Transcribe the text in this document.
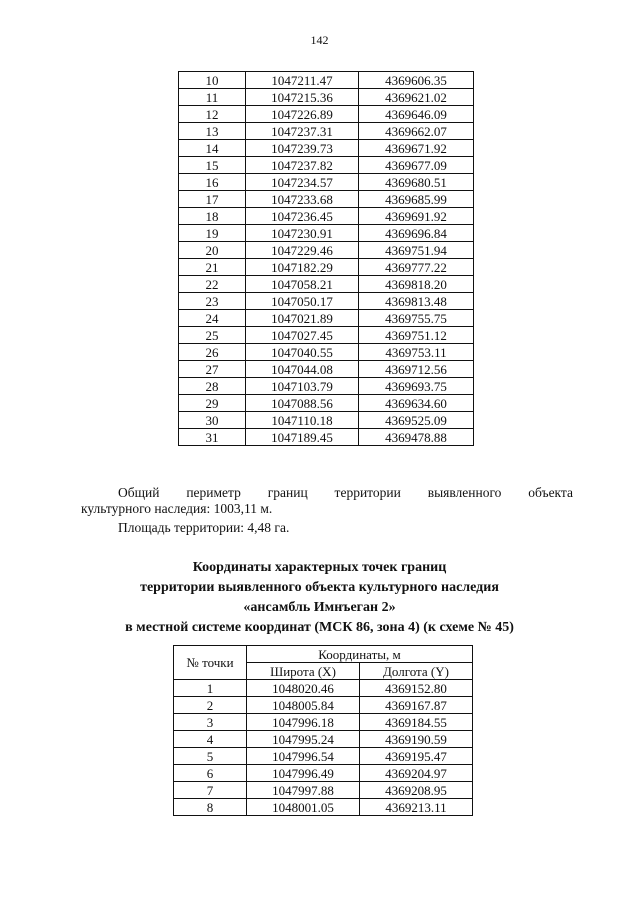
142
10	1047211.47	4369606.35
11	1047215.36	4369621.02
12	1047226.89	4369646.09
13	1047237.31	4369662.07
14	1047239.73	4369671.92
15	1047237.82	4369677.09
16	1047234.57	4369680.51
17	1047233.68	4369685.99
18	1047236.45	4369691.92
19	1047230.91	4369696.84
20	1047229.46	4369751.94
21	1047182.29	4369777.22
22	1047058.21	4369818.20
23	1047050.17	4369813.48
24	1047021.89	4369755.75
25	1047027.45	4369751.12
26	1047040.55	4369753.11
27	1047044.08	4369712.56
28	1047103.79	4369693.75
29	1047088.56	4369634.60
30	1047110.18	4369525.09
31	1047189.45	4369478.88
Общий периметр границ территории выявленного объекта
культурного наследия: 1003,11 м.
Площадь территории: 4,48 га.
Координаты характерных точек границ
территории выявленного объекта культурного наследия
«ансамбль Имнъеган 2»
в местной системе координат (МСК 86, зона 4) (к схеме № 45)
№ точки	Координаты, м	
	Широта (X)	Долгота (Y)
1	1048020.46	4369152.80
2	1048005.84	4369167.87
3	1047996.18	4369184.55
4	1047995.24	4369190.59
5	1047996.54	4369195.47
6	1047996.49	4369204.97
7	1047997.88	4369208.95
8	1048001.05	4369213.11
